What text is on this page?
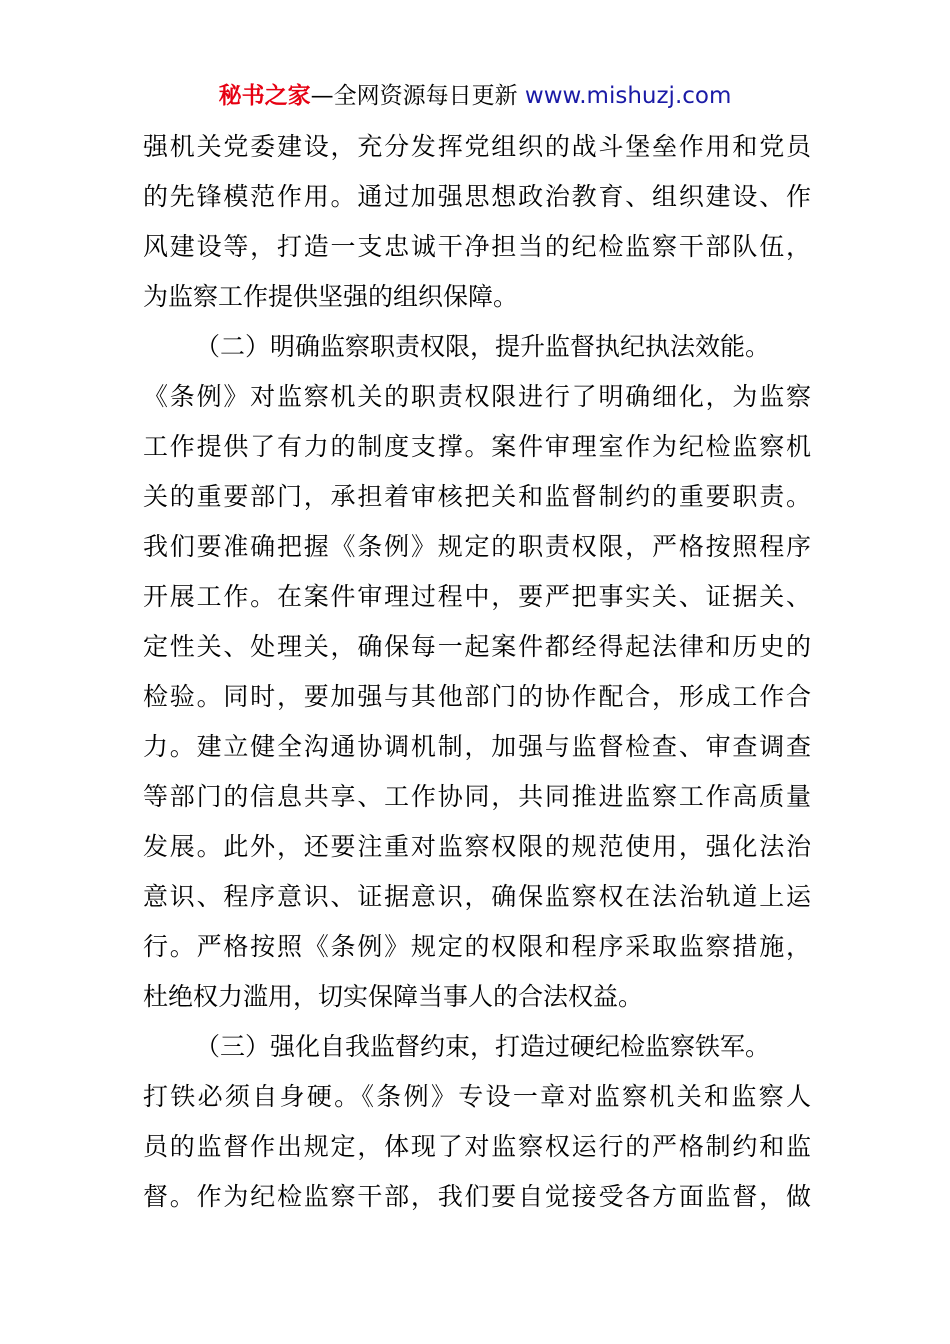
秘书之家—全网资源每日更新 www.mishuzj.com
强机关党委建设，充分发挥党组织的战斗堡垒作用和党员
的先锋模范作用。通过加强思想政治教育、组织建设、作
风建设等，打造一支忠诚干净担当的纪检监察干部队伍，
为监察工作提供坚强的组织保障。
（二）明确监察职责权限，提升监督执纪执法效能。
《条例》对监察机关的职责权限进行了明确细化，为监察
工作提供了有力的制度支撑。案件审理室作为纪检监察机
关的重要部门，承担着审核把关和监督制约的重要职责。
我们要准确把握《条例》规定的职责权限，严格按照程序
开展工作。在案件审理过程中，要严把事实关、证据关、
定性关、处理关，确保每一起案件都经得起法律和历史的
检验。同时，要加强与其他部门的协作配合，形成工作合
力。建立健全沟通协调机制，加强与监督检查、审查调查
等部门的信息共享、工作协同，共同推进监察工作高质量
发展。此外，还要注重对监察权限的规范使用，强化法治
意识、程序意识、证据意识，确保监察权在法治轨道上运
行。严格按照《条例》规定的权限和程序采取监察措施，
杜绝权力滥用，切实保障当事人的合法权益。
（三）强化自我监督约束，打造过硬纪检监察铁军。
打铁必须自身硬。《条例》专设一章对监察机关和监察人
员的监督作出规定，体现了对监察权运行的严格制约和监
督。作为纪检监察干部，我们要自觉接受各方面监督，做
